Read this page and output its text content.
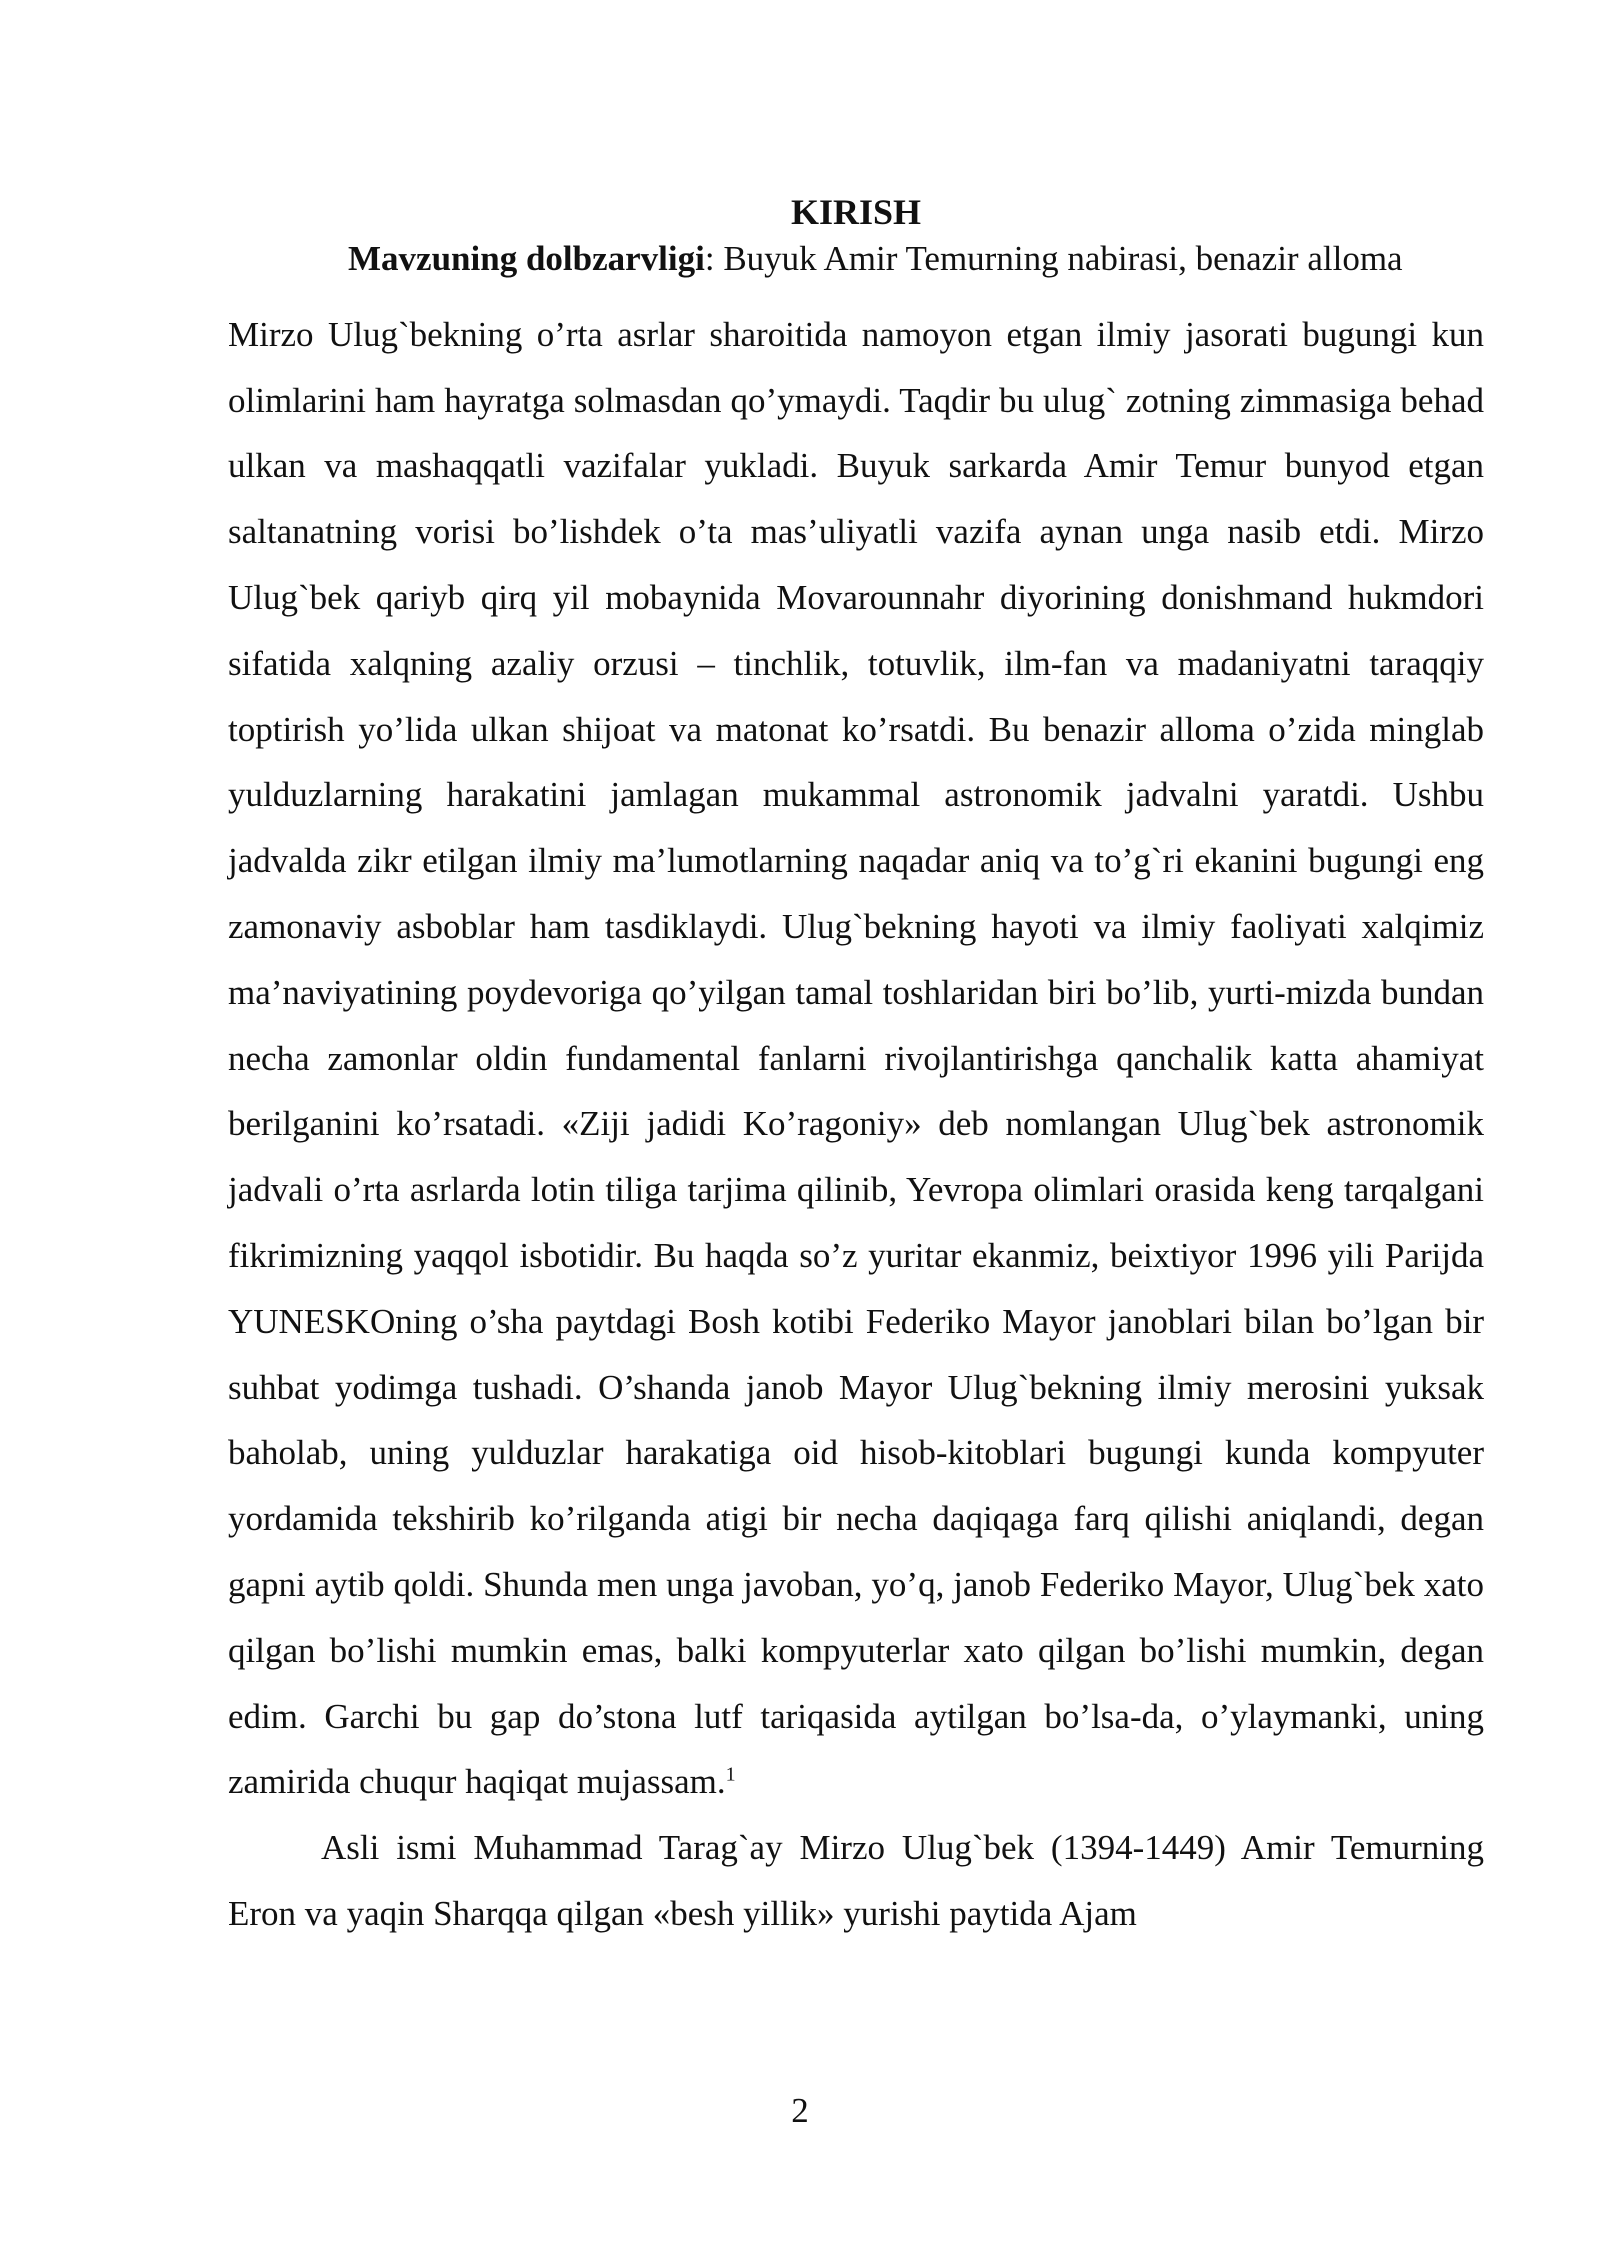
KIRISH

Mavzuning dolbzarvligi: Buyuk Amir Temurning nabirasi, benazir alloma

Mirzo Ulug`bekning o’rta asrlar sharoitida namoyon etgan ilmiy jasorati bugungi kun olimlarini ham hayratga solmasdan qo’ymaydi. Taqdir bu ulug` zotning zimmasiga behad ulkan va mashaqqatli vazifalar yukladi. Buyuk sarkarda Amir Temur bunyod etgan saltanatning vorisi bo’lishdek o’ta mas’uliyatli vazifa aynan unga nasib etdi. Mirzo Ulug`bek qariyb qirq yil mobaynida Movarounnahr diyorining donishmand hukmdori sifatida xalqning azaliy orzusi – tinchlik, totuvlik, ilm-fan va madaniyatni taraqqiy toptirish yo’lida ulkan shijoat va matonat ko’rsatdi. Bu benazir alloma o’zida minglab yulduzlarning harakatini jamlagan mukammal astronomik jadvalni yaratdi. Ushbu jadvalda zikr etilgan ilmiy ma’lumotlarning naqadar aniq va to’g`ri ekanini bugungi eng zamonaviy asboblar ham tasdiklaydi. Ulug`bekning hayoti va ilmiy faoliyati xalqimiz ma’naviyatining poydevoriga qo’yilgan tamal toshlaridan biri bo’lib, yurti-mizda bundan necha zamonlar oldin fundamental fanlarni rivojlantirishga qanchalik katta ahamiyat berilganini ko’rsatadi. «Ziji jadidi Ko’ragoniy» deb nomlangan Ulug`bek astronomik jadvali o’rta asrlarda lotin tiliga tarjima qilinib, Yevropa olimlari orasida keng tarqalgani fikrimizning yaqqol isbotidir. Bu haqda so’z yuritar ekanmiz, beixtiyor 1996 yili Parijda YUNESKOning o’sha paytdagi Bosh kotibi Federiko Mayor janoblari bilan bo’lgan bir suhbat yodimga tushadi. O’shanda janob Mayor Ulug`bekning ilmiy merosini yuksak baholab, uning yulduzlar harakatiga oid hisob-kitoblari bugungi kunda kompyuter yordamida tekshirib ko’rilganda atigi bir necha daqiqaga farq qilishi aniqlandi, degan gapni aytib qoldi. Shunda men unga javoban, yo’q, janob Federiko Mayor, Ulug`bek xato qilgan bo’lishi mumkin emas, balki kompyuterlar xato qilgan bo’lishi mumkin, degan edim. Garchi bu gap do’stona lutf tariqasida aytilgan bo’lsa-da, o’ylaymanki, uning zamirida chuqur haqiqat mujassam.$^1$

Asli ismi Muhammad Tarag`ay Mirzo Ulug`bek (1394-1449) Amir Temurning Eron va yaqin Sharqqa qilgan «besh yillik» yurishi paytida Ajam

2
